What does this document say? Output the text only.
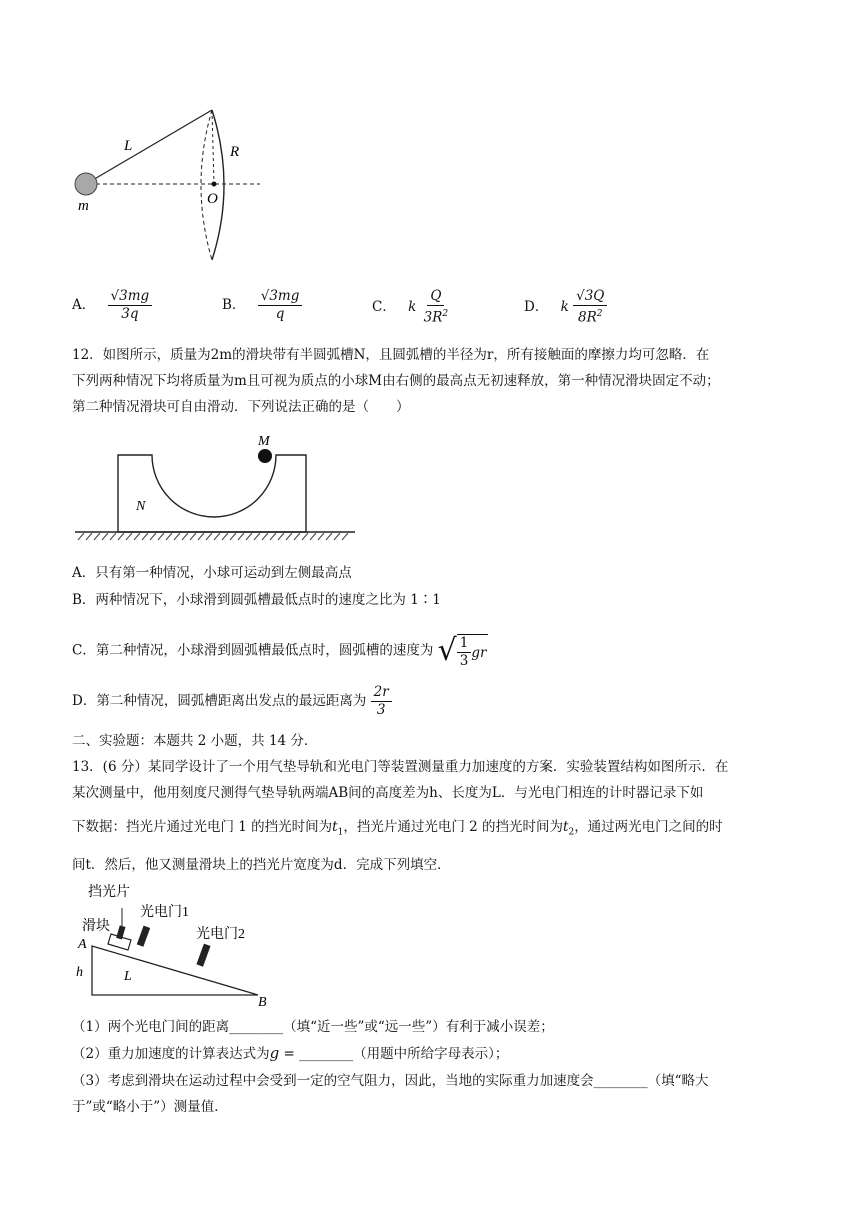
L	R
O
m
A． $\frac{√3mg}{3q}$	B． $\frac{√3mg}{q}$	C． k $\frac{Q}{3R^2}$	D． k $\frac{√3Q}{8R^2}$
12．如图所示，质量为2m的滑块带有半圆弧槽N，且圆弧槽的半径为r，所有接触面的摩擦力均可忽略．在
下列两种情况下均将质量为m且可视为质点的小球M由右侧的最高点无初速释放，第一种情况滑块固定不动；
第二种情况滑块可自由滑动．下列说法正确的是（　　）
M
N
A．只有第一种情况，小球可运动到左侧最高点
B．两种情况下，小球滑到圆弧槽最低点时的速度之比为 1∶1
C．第二种情况，小球滑到圆弧槽最低点时，圆弧槽的速度为 √ $\frac{1}{3}$ gr
D．第二种情况，圆弧槽距离出发点的最远距离为 $\frac{2r}{3}$
二、实验题：本题共 2 小题，共 14 分．
13．(6 分）某同学设计了一个用气垫导轨和光电门等装置测量重力加速度的方案．实验装置结构如图所示．在
某次测量中，他用刻度尺测得气垫导轨两端AB间的高度差为h、长度为L．与光电门相连的计时器记录下如
下数据：挡光片通过光电门 1 的挡光时间为$t_1$，挡光片通过光电门 2 的挡光时间为$t_2$，通过两光电门之间的时
间t．然后，他又测量滑块上的挡光片宽度为d．完成下列填空．
挡光片
滑块
光电门1
光电门2
A
B
h	L
（1）两个光电门间的距离________（填“近一些”或“远一些”）有利于减小误差；
（2）重力加速度的计算表达式为g = ________（用题中所给字母表示）；
（3）考虑到滑块在运动过程中会受到一定的空气阻力，因此，当地的实际重力加速度会________（填“略大
于”或“略小于”）测量值．
